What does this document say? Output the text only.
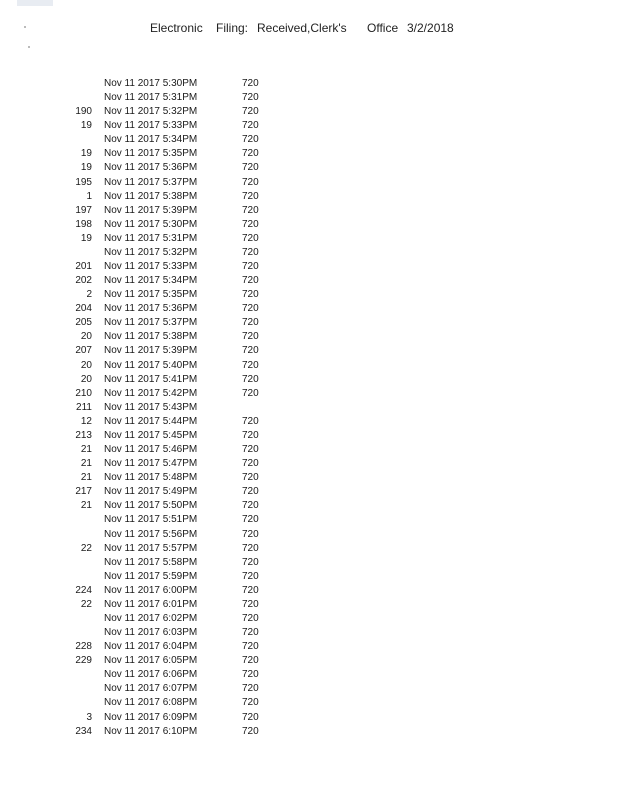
Electronic Filing: Received,Clerk's Office 3/2/2018
Nov 11 2017 5:30PM	720
Nov 11 2017 5:31PM	720
190 Nov 11 2017 5:32PM	720
19 Nov 11 2017 5:33PM	720
Nov 11 2017 5:34PM	720
19 Nov 11 2017 5:35PM	720
19 Nov 11 2017 5:36PM	720
195 Nov 11 2017 5:37PM	720
1 Nov 11 2017 5:38PM	720
197 Nov 11 2017 5:39PM	720
198 Nov 11 2017 5:30PM	720
19 Nov 11 2017 5:31PM	720
Nov 11 2017 5:32PM	720
201 Nov 11 2017 5:33PM	720
202 Nov 11 2017 5:34PM	720
2 Nov 11 2017 5:35PM	720
204 Nov 11 2017 5:36PM	720
205 Nov 11 2017 5:37PM	720
20 Nov 11 2017 5:38PM	720
207 Nov 11 2017 5:39PM	720
20 Nov 11 2017 5:40PM	720
20 Nov 11 2017 5:41PM	720
210 Nov 11 2017 5:42PM	720
211 Nov 11 2017 5:43PM
12 Nov 11 2017 5:44PM	720
213 Nov 11 2017 5:45PM	720
21 Nov 11 2017 5:46PM	720
21 Nov 11 2017 5:47PM	720
21 Nov 11 2017 5:48PM	720
217 Nov 11 2017 5:49PM	720
21 Nov 11 2017 5:50PM	720
Nov 11 2017 5:51PM	720
Nov 11 2017 5:56PM	720
22 Nov 11 2017 5:57PM	720
Nov 11 2017 5:58PM	720
Nov 11 2017 5:59PM	720
224 Nov 11 2017 6:00PM	720
22 Nov 11 2017 6:01PM	720
Nov 11 2017 6:02PM	720
Nov 11 2017 6:03PM	720
228 Nov 11 2017 6:04PM	720
229 Nov 11 2017 6:05PM	720
Nov 11 2017 6:06PM	720
Nov 11 2017 6:07PM	720
Nov 11 2017 6:08PM	720
3 Nov 11 2017 6:09PM	720
234 Nov 11 2017 6:10PM	720
